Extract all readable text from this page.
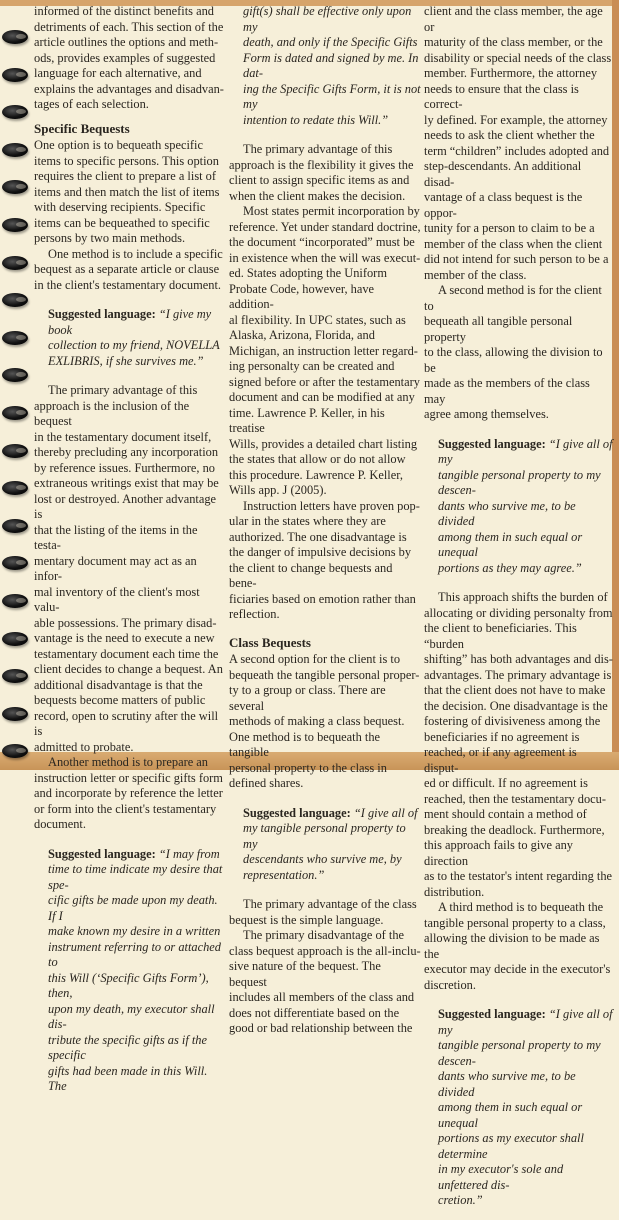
informed of the distinct benefits and
detriments of each. This section of the
article outlines the options and meth-
ods, provides examples of suggested
language for each alternative, and
explains the advantages and disadvan-
tages of each selection.

Specific Bequests

One option is to bequeath specific
items to specific persons. This option
requires the client to prepare a list of
items and then match the list of items
with deserving recipients. Specific
items can be bequeathed to specific
persons by two main methods.

One method is to include a specific
bequest as a separate article or clause
in the client's testamentary document.

Suggested language: “I give my book
collection to my friend, NOVELLA
EXLIBRIS, if she survives me.”

The primary advantage of this
approach is the inclusion of the bequest
in the testamentary document itself,
thereby precluding any incorporation
by reference issues. Furthermore, no
extraneous writings exist that may be
lost or destroyed. Another advantage is
that the listing of the items in the testa-
mentary document may act as an infor-
mal inventory of the client's most valu-
able possessions. The primary disad-
vantage is the need to execute a new
testamentary document each time the
client decides to change a bequest. An
additional disadvantage is that the
bequests become matters of public
record, open to scrutiny after the will is
admitted to probate.

Another method is to prepare an
instruction letter or specific gifts form
and incorporate by reference the letter
or form into the client's testamentary
document.

Suggested language: “I may from
time to time indicate my desire that spe-
cific gifts be made upon my death. If I
make known my desire in a written
instrument referring to or attached to
this Will (‘Specific Gifts Form’), then,
upon my death, my executor shall dis-
tribute the specific gifts as if the specific
gifts had been made in this Will. The
gift(s) shall be effective only upon my
death, and only if the Specific Gifts
Form is dated and signed by me. In dat-
ing the Specific Gifts Form, it is not my
intention to redate this Will.”

The primary advantage of this
approach is the flexibility it gives the
client to assign specific items as and
when the client makes the decision.

Most states permit incorporation by
reference. Yet under standard doctrine,
the document “incorporated” must be
in existence when the will was execut-
ed. States adopting the Uniform
Probate Code, however, have addition-
al flexibility. In UPC states, such as
Alaska, Arizona, Florida, and
Michigan, an instruction letter regard-
ing personalty can be created and
signed before or after the testamentary
document and can be modified at any
time. Lawrence P. Keller, in his treatise
Wills, provides a detailed chart listing
the states that allow or do not allow
this procedure. Lawrence P. Keller,
Wills app. J (2005).

Instruction letters have proven pop-
ular in the states where they are
authorized. The one disadvantage is
the danger of impulsive decisions by
the client to change bequests and bene-
ficiaries based on emotion rather than
reflection.

Class Bequests

A second option for the client is to
bequeath the tangible personal proper-
ty to a group or class. There are several
methods of making a class bequest.
One method is to bequeath the tangible
personal property to the class in
defined shares.

Suggested language: “I give all of
my tangible personal property to my
descendants who survive me, by
representation.”

The primary advantage of the class
bequest is the simple language.

The primary disadvantage of the
class bequest approach is the all-inclu-
sive nature of the bequest. The bequest
includes all members of the class and
does not differentiate based on the
good or bad relationship between the

client and the class member, the age or
maturity of the class member, or the
disability or special needs of the class
member. Furthermore, the attorney
needs to ensure that the class is correct-
ly defined. For example, the attorney
needs to ask the client whether the
term “children” includes adopted and
step-descendants. An additional disad-
vantage of a class bequest is the oppor-
tunity for a person to claim to be a
member of the class when the client
did not intend for such person to be a
member of the class.

A second method is for the client to
bequeath all tangible personal property
to the class, allowing the division to be
made as the members of the class may
agree among themselves.

Suggested language: “I give all of my
tangible personal property to my descen-
dants who survive me, to be divided
among them in such equal or unequal
portions as they may agree.”

This approach shifts the burden of
allocating or dividing personalty from
the client to beneficiaries. This “burden
shifting” has both advantages and dis-
advantages. The primary advantage is
that the client does not have to make
the decision. One disadvantage is the
fostering of divisiveness among the
beneficiaries if no agreement is
reached, or if any agreement is disput-
ed or difficult. If no agreement is
reached, then the testamentary docu-
ment should contain a method of
breaking the deadlock. Furthermore,
this approach fails to give any direction
as to the testator's intent regarding the
distribution.

A third method is to bequeath the
tangible personal property to a class,
allowing the division to be made as the
executor may decide in the executor's
discretion.

Suggested language: “I give all of my
tangible personal property to my descen-
dants who survive me, to be divided
among them in such equal or unequal
portions as my executor shall determine
in my executor's sole and unfettered dis-
cretion.”
